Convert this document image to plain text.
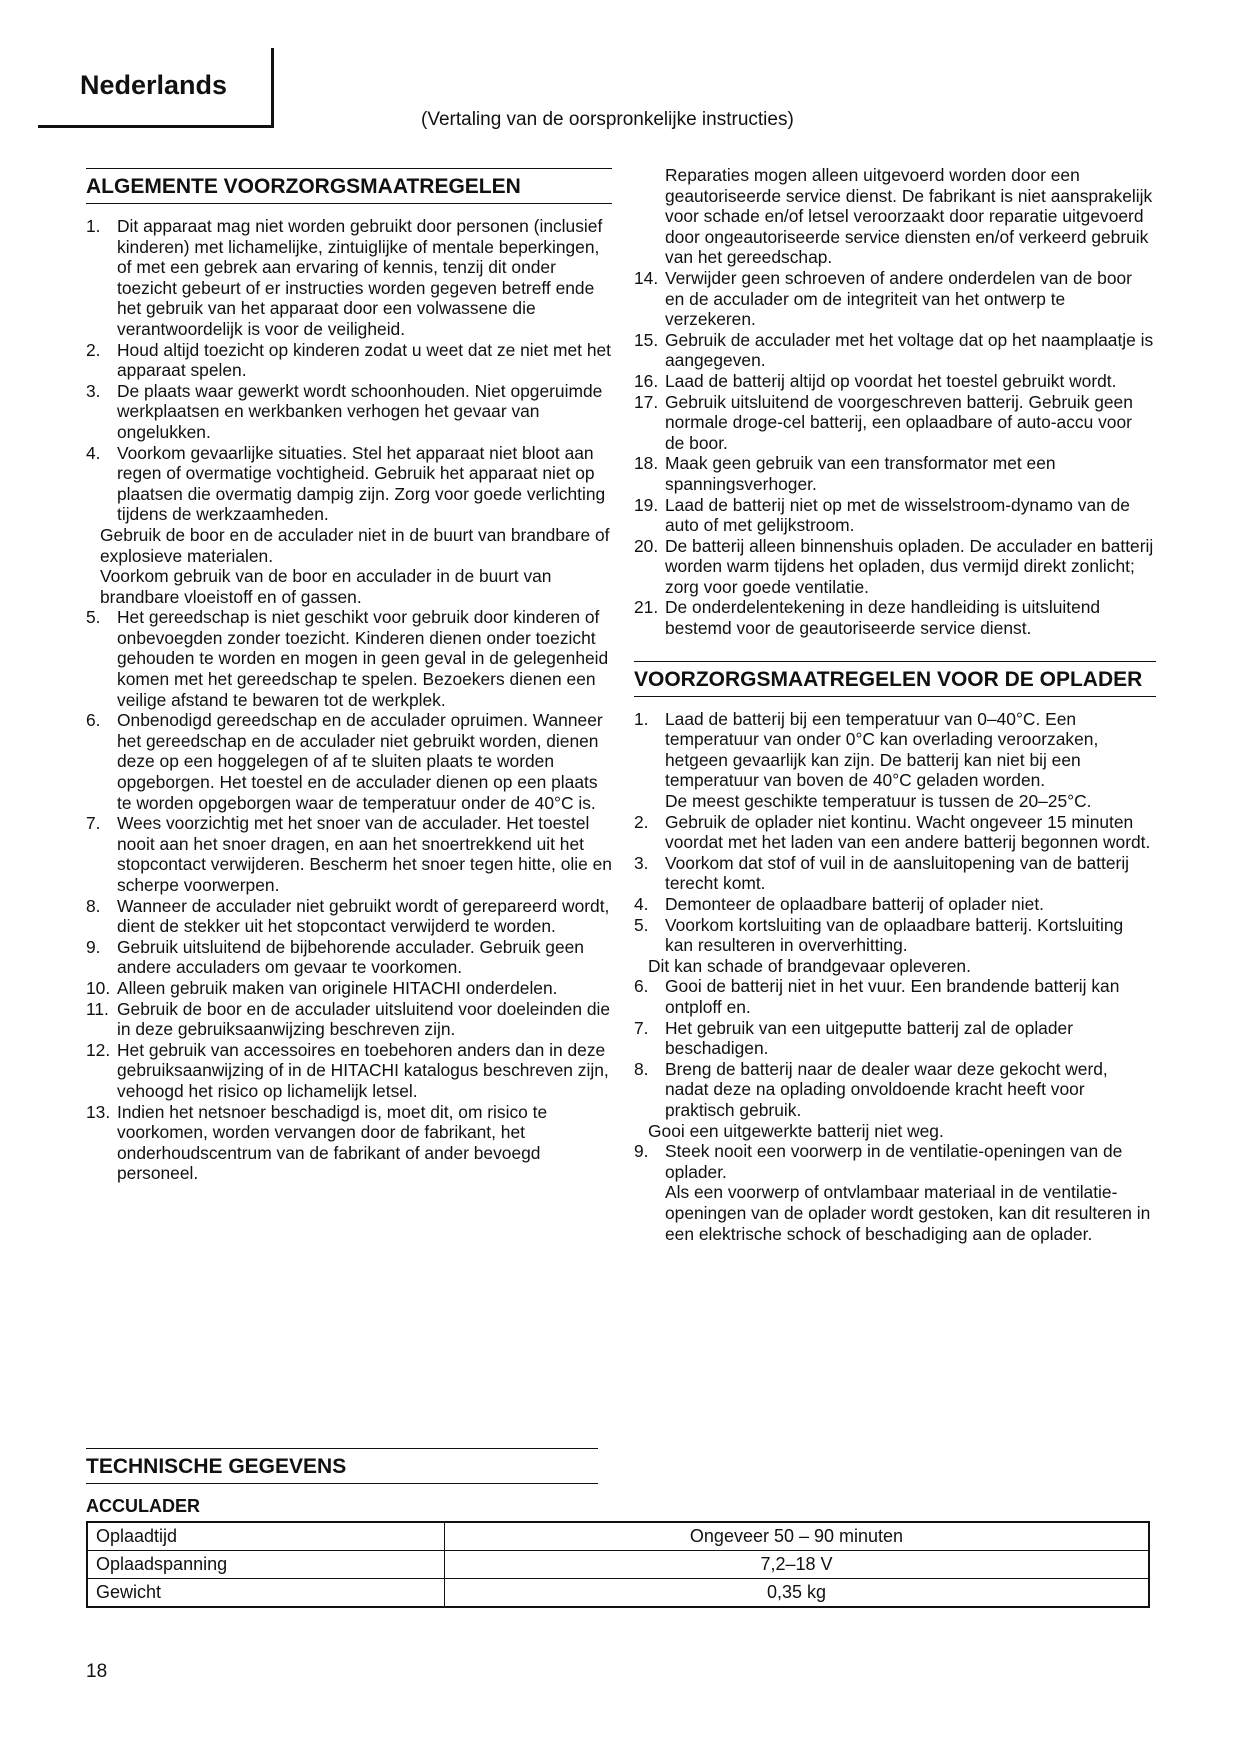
Nederlands
(Vertaling van de oorspronkelijke instructies)
ALGEMENTE VOORZORGSMAATREGELEN
1. Dit apparaat mag niet worden gebruikt door personen (inclusief kinderen) met lichamelijke, zintuiglijke of mentale beperkingen, of met een gebrek aan ervaring of kennis, tenzij dit onder toezicht gebeurt of er instructies worden gegeven betreff ende het gebruik van het apparaat door een volwassene die verantwoordelijk is voor de veiligheid.
2. Houd altijd toezicht op kinderen zodat u weet dat ze niet met het apparaat spelen.
3. De plaats waar gewerkt wordt schoonhouden. Niet opgeruimde werkplaatsen en werkbanken verhogen het gevaar van ongelukken.
4. Voorkom gevaarlijke situaties. Stel het apparaat niet bloot aan regen of overmatige vochtigheid. Gebruik het apparaat niet op plaatsen die overmatig dampig zijn. Zorg voor goede verlichting tijdens de werkzaamheden.
Gebruik de boor en de acculader niet in de buurt van brandbare of explosieve materialen.
Voorkom gebruik van de boor en acculader in de buurt van brandbare vloeistoff en of gassen.
5. Het gereedschap is niet geschikt voor gebruik door kinderen of onbevoegden zonder toezicht. Kinderen dienen onder toezicht gehouden te worden en mogen in geen geval in de gelegenheid komen met het gereedschap te spelen. Bezoekers dienen een veilige afstand te bewaren tot de werkplek.
6. Onbenodigd gereedschap en de acculader opruimen. Wanneer het gereedschap en de acculader niet gebruikt worden, dienen deze op een hoggelegen of af te sluiten plaats te worden opgeborgen. Het toestel en de acculader dienen op een plaats te worden opgeborgen waar de temperatuur onder de 40°C is.
7. Wees voorzichtig met het snoer van de acculader. Het toestel nooit aan het snoer dragen, en aan het snoertrekkend uit het stopcontact verwijderen. Bescherm het snoer tegen hitte, olie en scherpe voorwerpen.
8. Wanneer de acculader niet gebruikt wordt of gerepareerd wordt, dient de stekker uit het stopcontact verwijderd te worden.
9. Gebruik uitsluitend de bijbehorende acculader. Gebruik geen andere acculaders om gevaar te voorkomen.
10. Alleen gebruik maken van originele HITACHI onderdelen.
11. Gebruik de boor en de acculader uitsluitend voor doeleinden die in deze gebruiksaanwijzing beschreven zijn.
12. Het gebruik van accessoires en toebehoren anders dan in deze gebruiksaanwijzing of in de HITACHI katalogus beschreven zijn, vehoogd het risico op lichamelijk letsel.
13. Indien het netsnoer beschadigd is, moet dit, om risico te voorkomen, worden vervangen door de fabrikant, het onderhoudscentrum van de fabrikant of ander bevoegd personeel.
Reparaties mogen alleen uitgevoerd worden door een geautoriseerde service dienst. De fabrikant is niet aansprakelijk voor schade en/of letsel veroorzaakt door reparatie uitgevoerd door ongeautoriseerde service diensten en/of verkeerd gebruik van het gereedschap.
14. Verwijder geen schroeven of andere onderdelen van de boor en de acculader om de integriteit van het ontwerp te verzekeren.
15. Gebruik de acculader met het voltage dat op het naamplaatje is aangegeven.
16. Laad de batterij altijd op voordat het toestel gebruikt wordt.
17. Gebruik uitsluitend de voorgeschreven batterij. Gebruik geen normale droge-cel batterij, een oplaadbare of auto-accu voor de boor.
18. Maak geen gebruik van een transformator met een spanningsverhoger.
19. Laad de batterij niet op met de wisselstroom-dynamo van de auto of met gelijkstroom.
20. De batterij alleen binnenshuis opladen. De acculader en batterij worden warm tijdens het opladen, dus vermijd direkt zonlicht; zorg voor goede ventilatie.
21. De onderdelentekening in deze handleiding is uitsluitend bestemd voor de geautoriseerde service dienst.
VOORZORGSMAATREGELEN VOOR DE OPLADER
1. Laad de batterij bij een temperatuur van 0–40°C. Een temperatuur van onder 0°C kan overlading veroorzaken, hetgeen gevaarlijk kan zijn. De batterij kan niet bij een temperatuur van boven de 40°C geladen worden.
De meest geschikte temperatuur is tussen de 20–25°C.
2. Gebruik de oplader niet kontinu. Wacht ongeveer 15 minuten voordat met het laden van een andere batterij begonnen wordt.
3. Voorkom dat stof of vuil in de aansluitopening van de batterij terecht komt.
4. Demonteer de oplaadbare batterij of oplader niet.
5. Voorkom kortsluiting van de oplaadbare batterij. Kortsluiting kan resulteren in oververhitting.
Dit kan schade of brandgevaar opleveren.
6. Gooi de batterij niet in het vuur. Een brandende batterij kan ontploff en.
7. Het gebruik van een uitgeputte batterij zal de oplader beschadigen.
8. Breng de batterij naar de dealer waar deze gekocht werd, nadat deze na oplading onvoldoende kracht heeft voor praktisch gebruik.
Gooi een uitgewerkte batterij niet weg.
9. Steek nooit een voorwerp in de ventilatie-openingen van de oplader.
Als een voorwerp of ontvlambaar materiaal in de ventilatie-openingen van de oplader wordt gestoken, kan dit resulteren in een elektrische schock of beschadiging aan de oplader.
TECHNISCHE GEGEVENS
ACCULADER
Oplaadtijd	Ongeveer 50 – 90 minuten
Oplaadspanning	7,2–18 V
Gewicht	0,35 kg
18
